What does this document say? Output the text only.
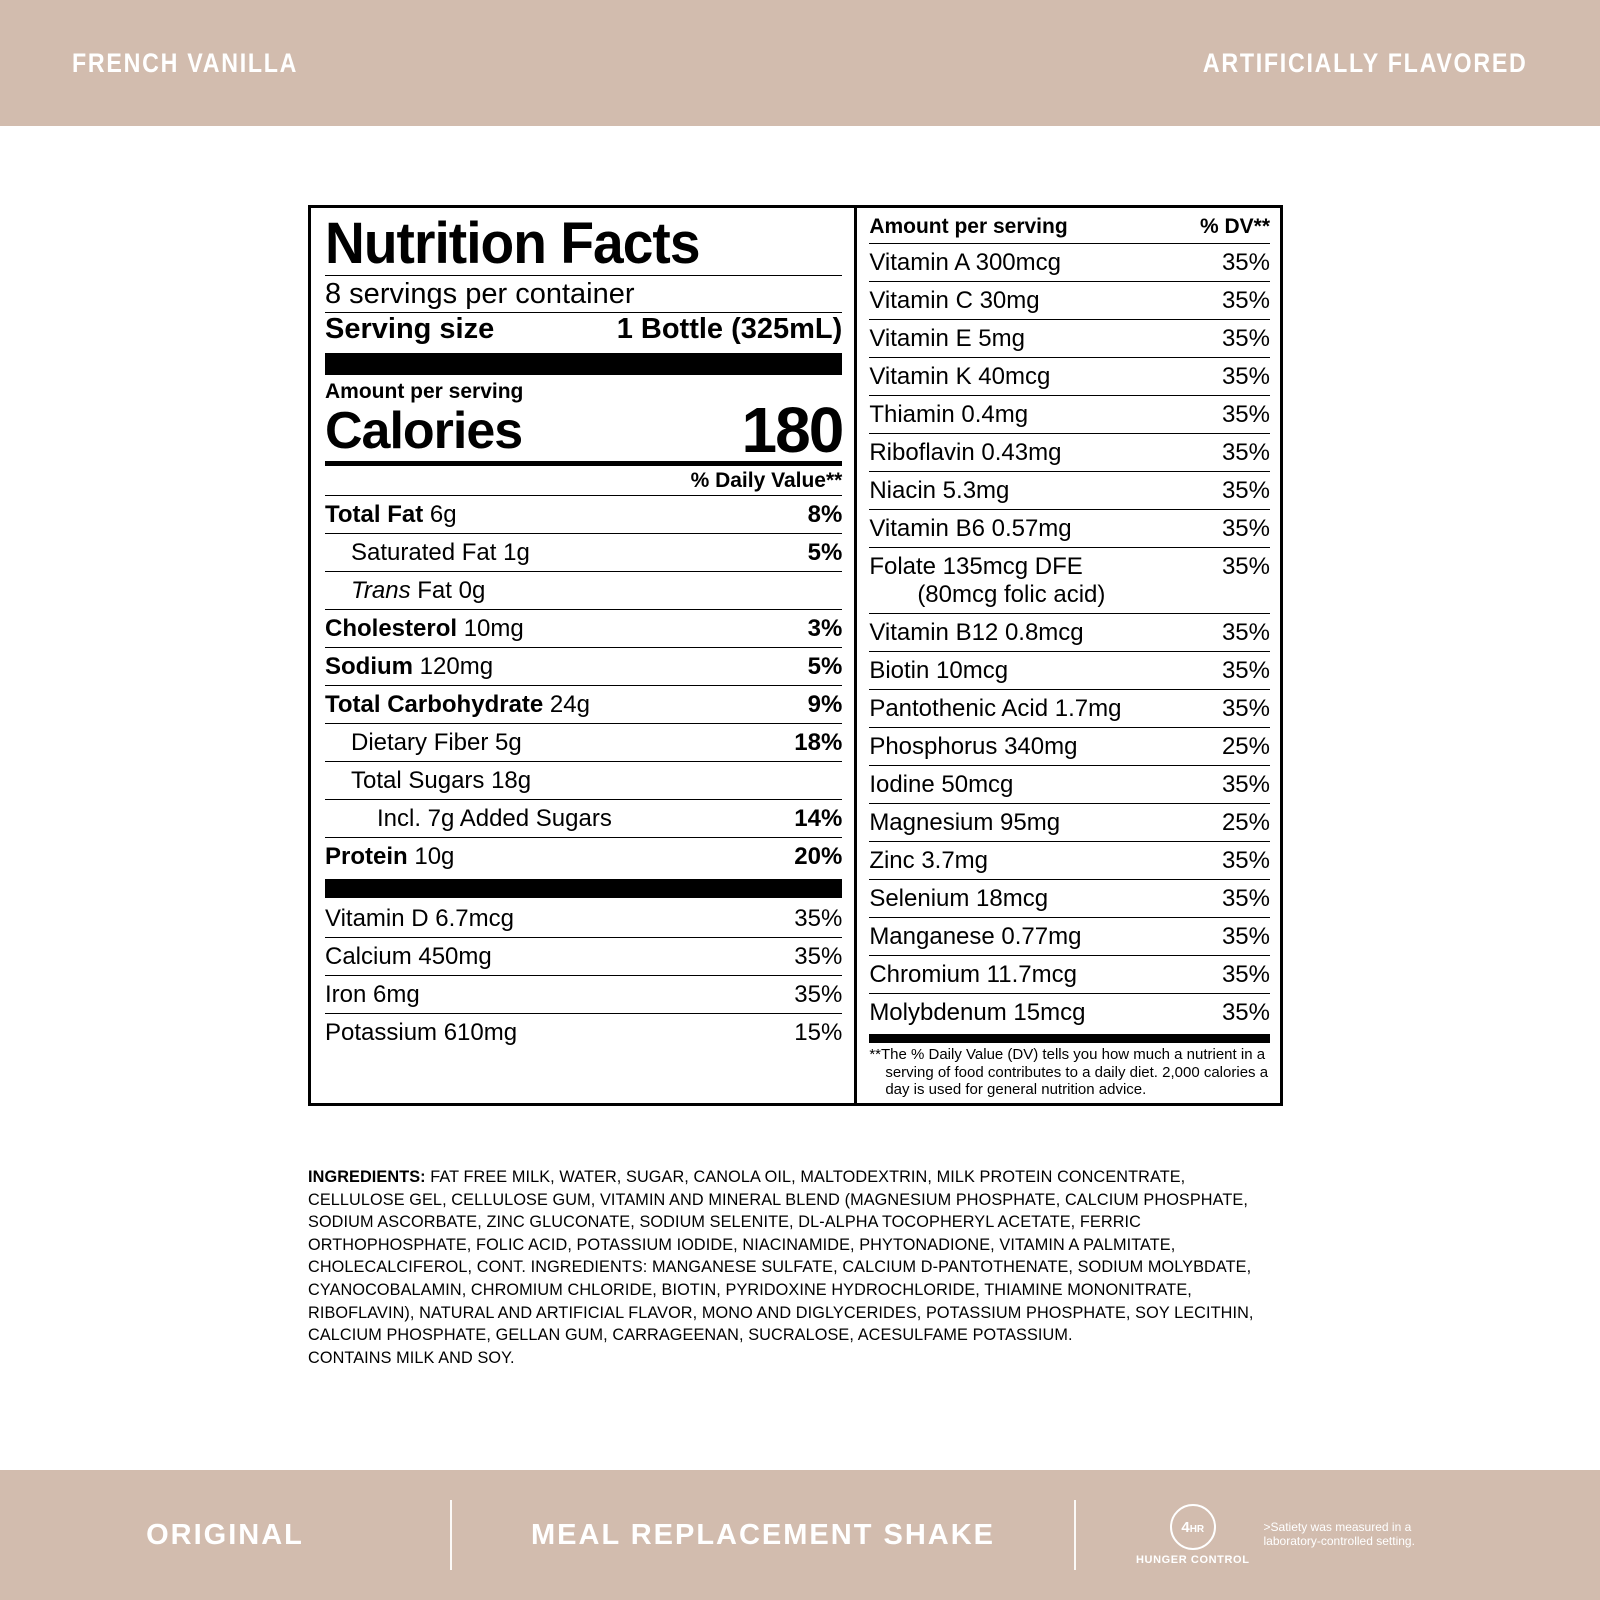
FRENCH VANILLA	ARTIFICIALLY FLAVORED
Nutrition Facts
8 servings per container
Serving size	1 Bottle (325mL)
Amount per serving
Calories	180
% Daily Value**
Total Fat 6g	8%
Saturated Fat 1g	5%
Trans Fat 0g	
Cholesterol 10mg	3%
Sodium 120mg	5%
Total Carbohydrate 24g	9%
Dietary Fiber 5g	18%
Total Sugars 18g	
Incl. 7g Added Sugars	14%
Protein 10g	20%
Vitamin D 6.7mcg	35%
Calcium 450mg	35%
Iron 6mg	35%
Potassium 610mg	15%
Amount per serving	% DV**
Vitamin A 300mcg	35%
Vitamin C 30mg	35%
Vitamin E 5mg	35%
Vitamin K 40mcg	35%
Thiamin 0.4mg	35%
Riboflavin 0.43mg	35%
Niacin 5.3mg	35%
Vitamin B6 0.57mg	35%
Folate 135mcg DFE
(80mcg folic acid)	35%
Vitamin B12 0.8mcg	35%
Biotin 10mcg	35%
Pantothenic Acid 1.7mg	35%
Phosphorus 340mg	25%
Iodine 50mcg	35%
Magnesium 95mg	25%
Zinc 3.7mg	35%
Selenium 18mcg	35%
Manganese 0.77mg	35%
Chromium 11.7mcg	35%
Molybdenum 15mcg	35%
**The % Daily Value (DV) tells you how much a nutrient in a serving of food contributes to a daily diet. 2,000 calories a day is used for general nutrition advice.
INGREDIENTS: FAT FREE MILK, WATER, SUGAR, CANOLA OIL, MALTODEXTRIN, MILK PROTEIN CONCENTRATE, CELLULOSE GEL, CELLULOSE GUM, VITAMIN AND MINERAL BLEND (MAGNESIUM PHOSPHATE, CALCIUM PHOSPHATE, SODIUM ASCORBATE, ZINC GLUCONATE, SODIUM SELENITE, DL-ALPHA TOCOPHERYL ACETATE, FERRIC ORTHOPHOSPHATE, FOLIC ACID, POTASSIUM IODIDE, NIACINAMIDE, PHYTONADIONE, VITAMIN A PALMITATE, CHOLECALCIFEROL, CONT. INGREDIENTS: MANGANESE SULFATE, CALCIUM D-PANTOTHENATE, SODIUM MOLYBDATE, CYANOCOBALAMIN, CHROMIUM CHLORIDE, BIOTIN, PYRIDOXINE HYDROCHLORIDE, THIAMINE MONONITRATE, RIBOFLAVIN), NATURAL AND ARTIFICIAL FLAVOR, MONO AND DIGLYCERIDES, POTASSIUM PHOSPHATE, SOY LECITHIN, CALCIUM PHOSPHATE, GELLAN GUM, CARRAGEENAN, SUCRALOSE, ACESULFAME POTASSIUM.
CONTAINS MILK AND SOY.
ORIGINAL	MEAL REPLACEMENT SHAKE	4 HR
HUNGER CONTROL
>Satiety was measured in a laboratory-controlled setting.
